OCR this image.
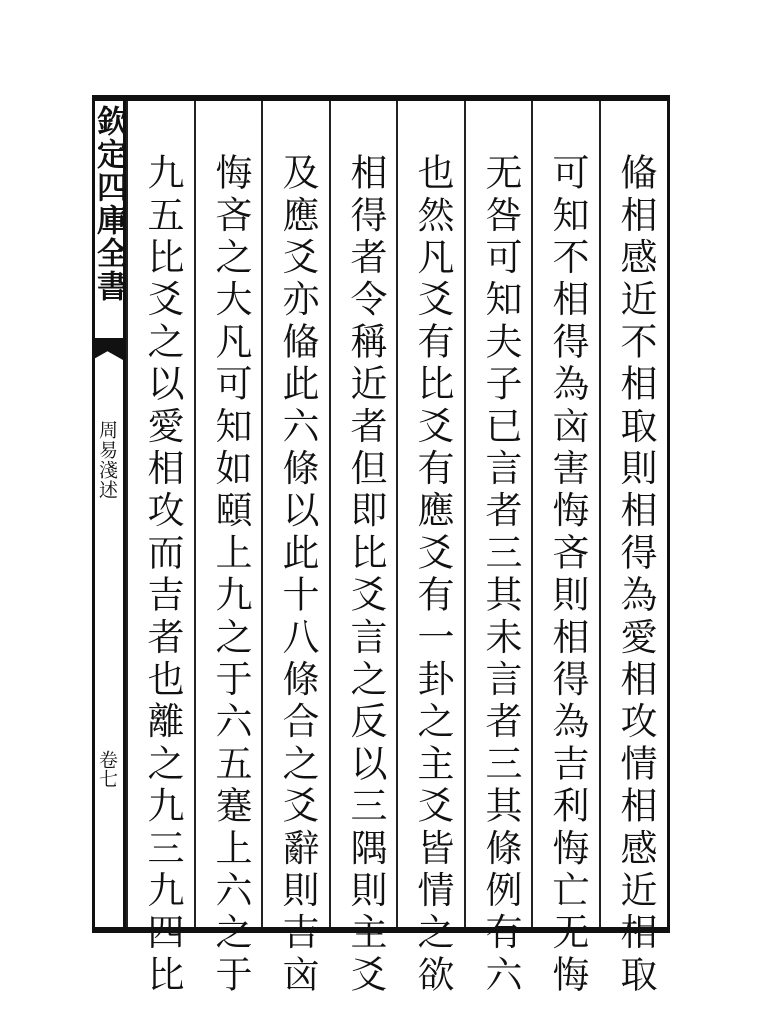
欽定四庫全書
周易淺述
卷七	偹相感近不相取則相得為愛相攻情相感近相取
可知不相得為㐫害悔吝則相得為吉利悔亡无悔
无咎可知夫子已言者三其未言者三其條例有六
也然凡爻有比爻有應爻有一卦之主爻皆情之欲
相得者令稱近者但即比爻言之反以三隅則主爻
及應爻亦偹此六條以此十八條合之爻辭則吉㐫
悔吝之大凡可知如頤上九之于六五蹇上六之于
九五比爻之以愛相攻而吉者也離之九三九四比
